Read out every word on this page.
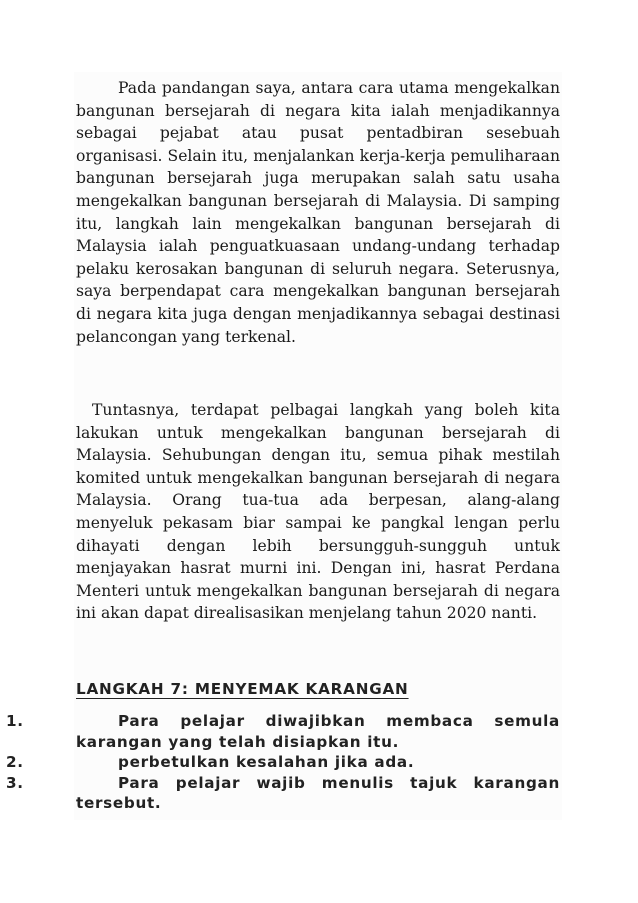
Pada pandangan saya, antara cara utama mengekalkan bangunan bersejarah di negara kita ialah menjadikannya sebagai pejabat atau pusat pentadbiran sesebuah organisasi. Selain itu, menjalankan kerja-kerja pemuliharaan bangunan bersejarah juga merupakan salah satu usaha mengekalkan bangunan bersejarah di Malaysia. Di samping itu, langkah lain mengekalkan bangunan bersejarah di Malaysia ialah penguatkuasaan undang-undang terhadap pelaku kerosakan bangunan di seluruh negara. Seterusnya, saya berpendapat cara mengekalkan bangunan bersejarah di negara kita juga dengan menjadikannya sebagai destinasi pelancongan yang terkenal.

Tuntasnya, terdapat pelbagai langkah yang boleh kita lakukan untuk mengekalkan bangunan bersejarah di Malaysia. Sehubungan dengan itu, semua pihak mestilah komited untuk mengekalkan bangunan bersejarah di negara Malaysia. Orang tua-tua ada berpesan, alang-alang menyeluk pekasam biar sampai ke pangkal lengan perlu dihayati dengan lebih bersungguh-sungguh untuk menjayakan hasrat murni ini. Dengan ini, hasrat Perdana Menteri untuk mengekalkan bangunan bersejarah di negara ini akan dapat direalisasikan menjelang tahun 2020 nanti.

LANGKAH 7: MENYEMAK KARANGAN
1.	Para pelajar diwajibkan membaca semula karangan yang telah disiapkan itu.
2.	perbetulkan kesalahan jika ada.
3.	Para pelajar wajib menulis tajuk karangan tersebut.
